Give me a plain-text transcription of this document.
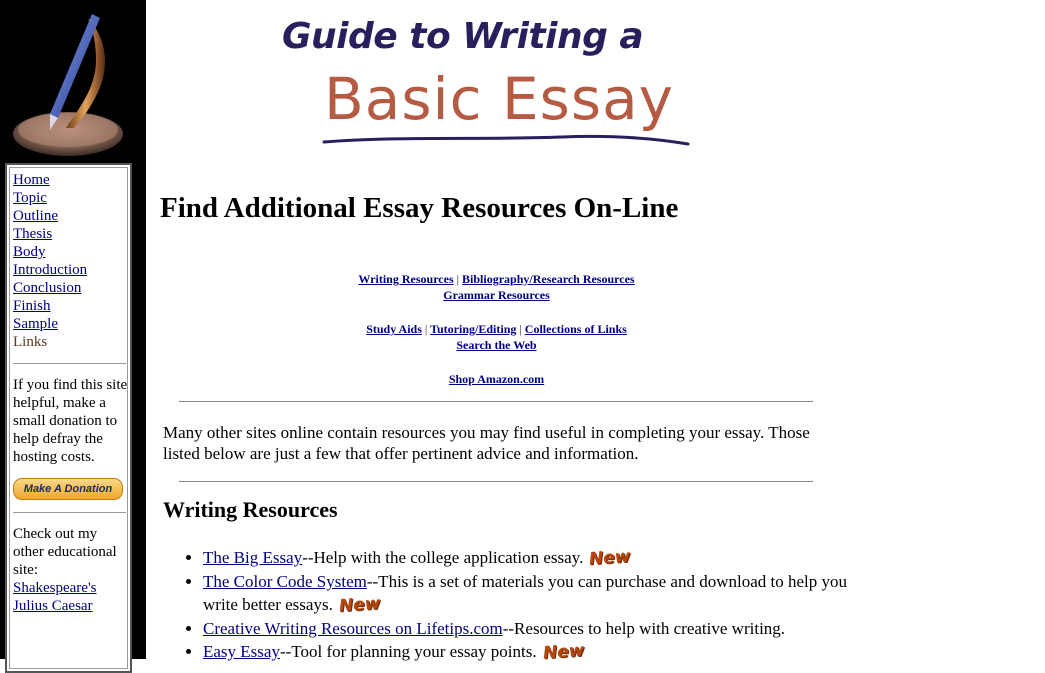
Home
Topic
Outline
Thesis
Body
Introduction
Conclusion
Finish
Sample
Links

If you find this site helpful, make a small donation to help defray the hosting costs.

Make A Donation

Check out my other educational site:

Shakespeare's Julius Caesar
Guide to Writing a
Basic Essay
Find Additional Essay Resources On-Line
Writing Resources | Bibliography/Research Resources
Grammar Resources
Study Aids | Tutoring/Editing | Collections of Links
Search the Web
Shop Amazon.com

Many other sites online contain resources you may find useful in completing your essay. Those listed below are just a few that offer pertinent advice and information.

Writing Resources
• The Big Essay--Help with the college application essay. New
• The Color Code System--This is a set of materials you can purchase and download to help you write better essays. New
• Creative Writing Resources on Lifetips.com--Resources to help with creative writing.
• Easy Essay--Tool for planning your essay points. New
